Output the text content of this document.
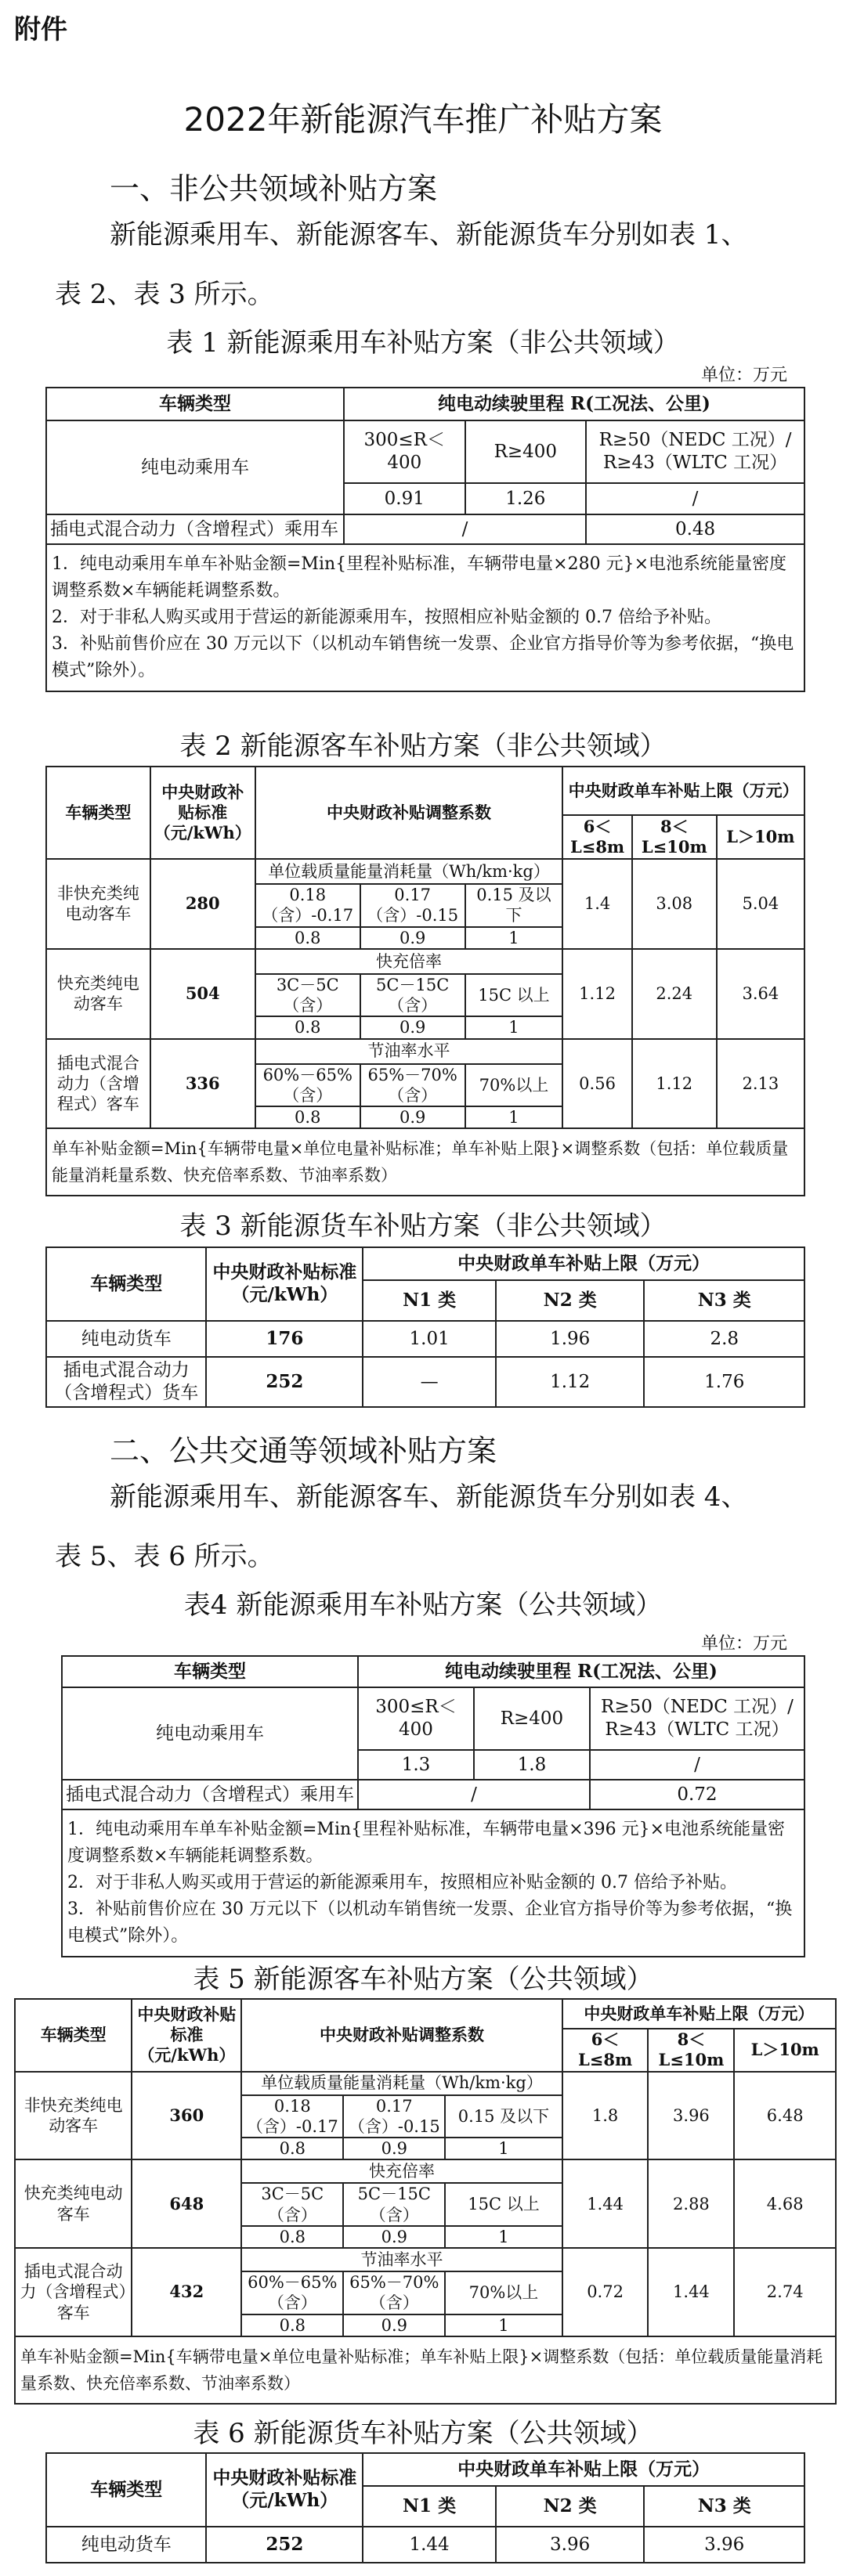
附件
2022年新能源汽车推广补贴方案
一、非公共领域补贴方案
新能源乘用车、新能源客车、新能源货车分别如表 1、
表 2、表 3 所示。
表 1 新能源乘用车补贴方案（非公共领域）
单位：万元
车辆类型	纯电动续驶里程 R(工况法、公里)		
纯电动乘用车	300≤R＜400	R≥400	R≥50（NEDC 工况）/
R≥43（WLTC 工况）

	0.91	1.26	/
插电式混合动力（含增程式）乘用车	/		0.48

1．纯电动乘用车单车补贴金额=Min{里程补贴标准，车辆带电量×280 元}×电池系统能量密度调整系数×车辆能耗调整系数。

2．对于非私人购买或用于营运的新能源乘用车，按照相应补贴金额的 0.7 倍给予补贴。

3．补贴前售价应在 30 万元以下（以机动车销售统一发票、企业官方指导价等为参考依据，“换电模式”除外）。			

表 2 新能源客车补贴方案（非公共领域）
车辆类型	中央财政补贴标准（元/kWh）	中央财政补贴调整系数			中央财政单车补贴上限（万元）		
					6＜L≤8m	8＜L≤10m	L＞10m
非快充类纯电动客车	280	单位载质量能量消耗量（Wh/km·kg）			1.4	3.08	5.04
		0.18（含）-0.17	0.17（含）-0.15	0.15 及以下			
		0.8	0.9	1			
快充类纯电动客车	504	快充倍率			1.12	2.24	3.64
		3C－5C（含）	5C－15C（含）	15C 以上			
		0.8	0.9	1			
插电式混合动力（含增程式）客车	336	节油率水平			0.56	1.12	2.13
		60%－65%（含）	65%－70%（含）	70%以上			
		0.8	0.9	1			
单车补贴金额=Min{车辆带电量×单位电量补贴标准；单车补贴上限}×调整系数（包括：单位载质量能量消耗量系数、快充倍率系数、节油率系数）							
表 3 新能源货车补贴方案（非公共领域）
车辆类型	中央财政补贴标准（元/kWh）	中央财政单车补贴上限（万元）		
		N1 类	N2 类	N3 类
纯电动货车	176	1.01	1.96	2.8
插电式混合动力（含增程式）货车	252	—	1.12	1.76
二、公共交通等领域补贴方案
新能源乘用车、新能源客车、新能源货车分别如表 4、
表 5、表 6 所示。
表4 新能源乘用车补贴方案（公共领域）
单位：万元
车辆类型	纯电动续驶里程 R(工况法、公里)		
纯电动乘用车	300≤R＜400	R≥400	R≥50（NEDC 工况）/
R≥43（WLTC 工况）

	1.3	1.8	/
插电式混合动力（含增程式）乘用车	/		0.72

1．纯电动乘用车单车补贴金额=Min{里程补贴标准，车辆带电量×396 元}×电池系统能量密度调整系数×车辆能耗调整系数。

2．对于非私人购买或用于营运的新能源乘用车，按照相应补贴金额的 0.7 倍给予补贴。

3．补贴前售价应在 30 万元以下（以机动车销售统一发票、企业官方指导价等为参考依据，“换电模式”除外）。			

表 5 新能源客车补贴方案（公共领域）
车辆类型	中央财政补贴标准（元/kWh）	中央财政补贴调整系数			中央财政单车补贴上限（万元）		
					6＜L≤8m	8＜L≤10m	L＞10m
非快充类纯电动客车	360	单位载质量能量消耗量（Wh/km·kg）			1.8	3.96	6.48
		0.18（含）-0.17	0.17（含）-0.15	0.15 及以下			
		0.8	0.9	1			
快充类纯电动客车	648	快充倍率			1.44	2.88	4.68
		3C－5C（含）	5C－15C（含）	15C 以上			
		0.8	0.9	1			
插电式混合动力（含增程式）客车	432	节油率水平			0.72	1.44	2.74
		60%－65%（含）	65%－70%（含）	70%以上			
		0.8	0.9	1			
单车补贴金额=Min{车辆带电量×单位电量补贴标准；单车补贴上限}×调整系数（包括：单位载质量能量消耗量系数、快充倍率系数、节油率系数）							
表 6 新能源货车补贴方案（公共领域）
车辆类型	中央财政补贴标准（元/kWh）	中央财政单车补贴上限（万元）		
		N1 类	N2 类	N3 类
纯电动货车	252	1.44	3.96	3.96
